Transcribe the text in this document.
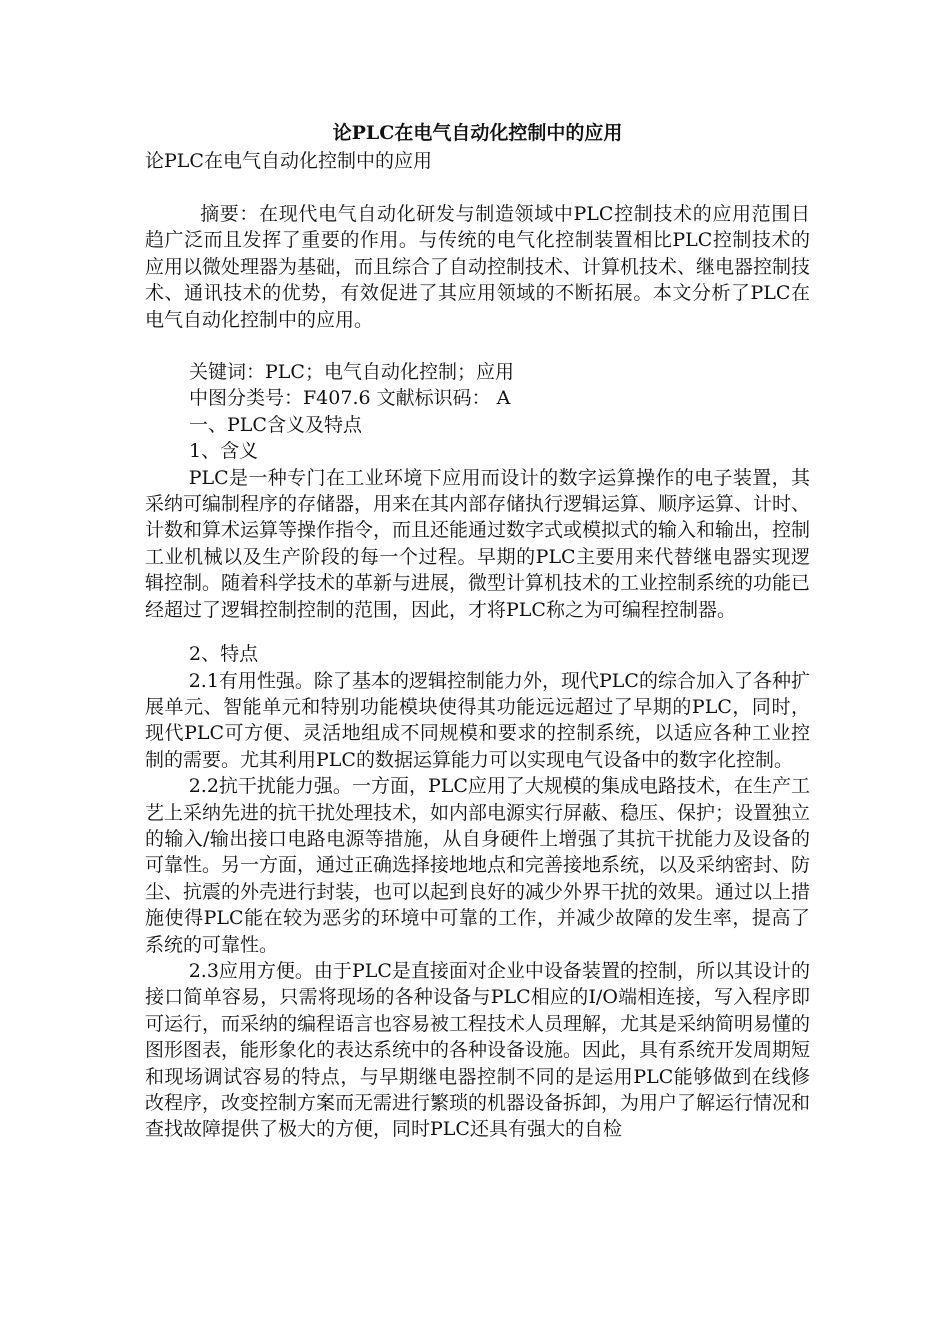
论PLC在电气自动化控制中的应用

论PLC在电气自动化控制中的应用

摘要：在现代电气自动化研发与制造领域中PLC控制技术的应用范围日趋广泛而且发挥了重要的作用。与传统的电气化控制装置相比PLC控制技术的应用以微处理器为基础，而且综合了自动控制技术、计算机技术、继电器控制技术、通讯技术的优势，有效促进了其应用领域的不断拓展。本文分析了PLC在电气自动化控制中的应用。

关键词：PLC；电气自动化控制；应用

中图分类号：F407.6 文献标识码： A

一、PLC含义及特点

1、含义

PLC是一种专门在工业环境下应用而设计的数字运算操作的电子装置，其采纳可编制程序的存储器，用来在其内部存储执行逻辑运算、顺序运算、计时、计数和算术运算等操作指令，而且还能通过数字式或模拟式的输入和输出，控制工业机械以及生产阶段的每一个过程。早期的PLC主要用来代替继电器实现逻辑控制。随着科学技术的革新与进展，微型计算机技术的工业控制系统的功能已经超过了逻辑控制控制的范围，因此，才将PLC称之为可编程控制器。

2、特点

2.1有用性强。除了基本的逻辑控制能力外，现代PLC的综合加入了各种扩展单元、智能单元和特别功能模块使得其功能远远超过了早期的PLC，同时，现代PLC可方便、灵活地组成不同规模和要求的控制系统，以适应各种工业控制的需要。尤其利用PLC的数据运算能力可以实现电气设备中的数字化控制。

2.2抗干扰能力强。一方面，PLC应用了大规模的集成电路技术，在生产工艺上采纳先进的抗干扰处理技术，如内部电源实行屏蔽、稳压、保护；设置独立的输入/输出接口电路电源等措施，从自身硬件上增强了其抗干扰能力及设备的可靠性。另一方面，通过正确选择接地地点和完善接地系统，以及采纳密封、防尘、抗震的外壳进行封装，也可以起到良好的减少外界干扰的效果。通过以上措施使得PLC能在较为恶劣的环境中可靠的工作，并减少故障的发生率，提高了系统的可靠性。

2.3应用方便。由于PLC是直接面对企业中设备装置的控制，所以其设计的接口简单容易，只需将现场的各种设备与PLC相应的I/O端相连接，写入程序即可运行，而采纳的编程语言也容易被工程技术人员理解，尤其是采纳简明易懂的图形图表，能形象化的表达系统中的各种设备设施。因此，具有系统开发周期短和现场调试容易的特点，与早期继电器控制不同的是运用PLC能够做到在线修改程序，改变控制方案而无需进行繁琐的机器设备拆卸，为用户了解运行情况和查找故障提供了极大的方便，同时PLC还具有强大的自检
